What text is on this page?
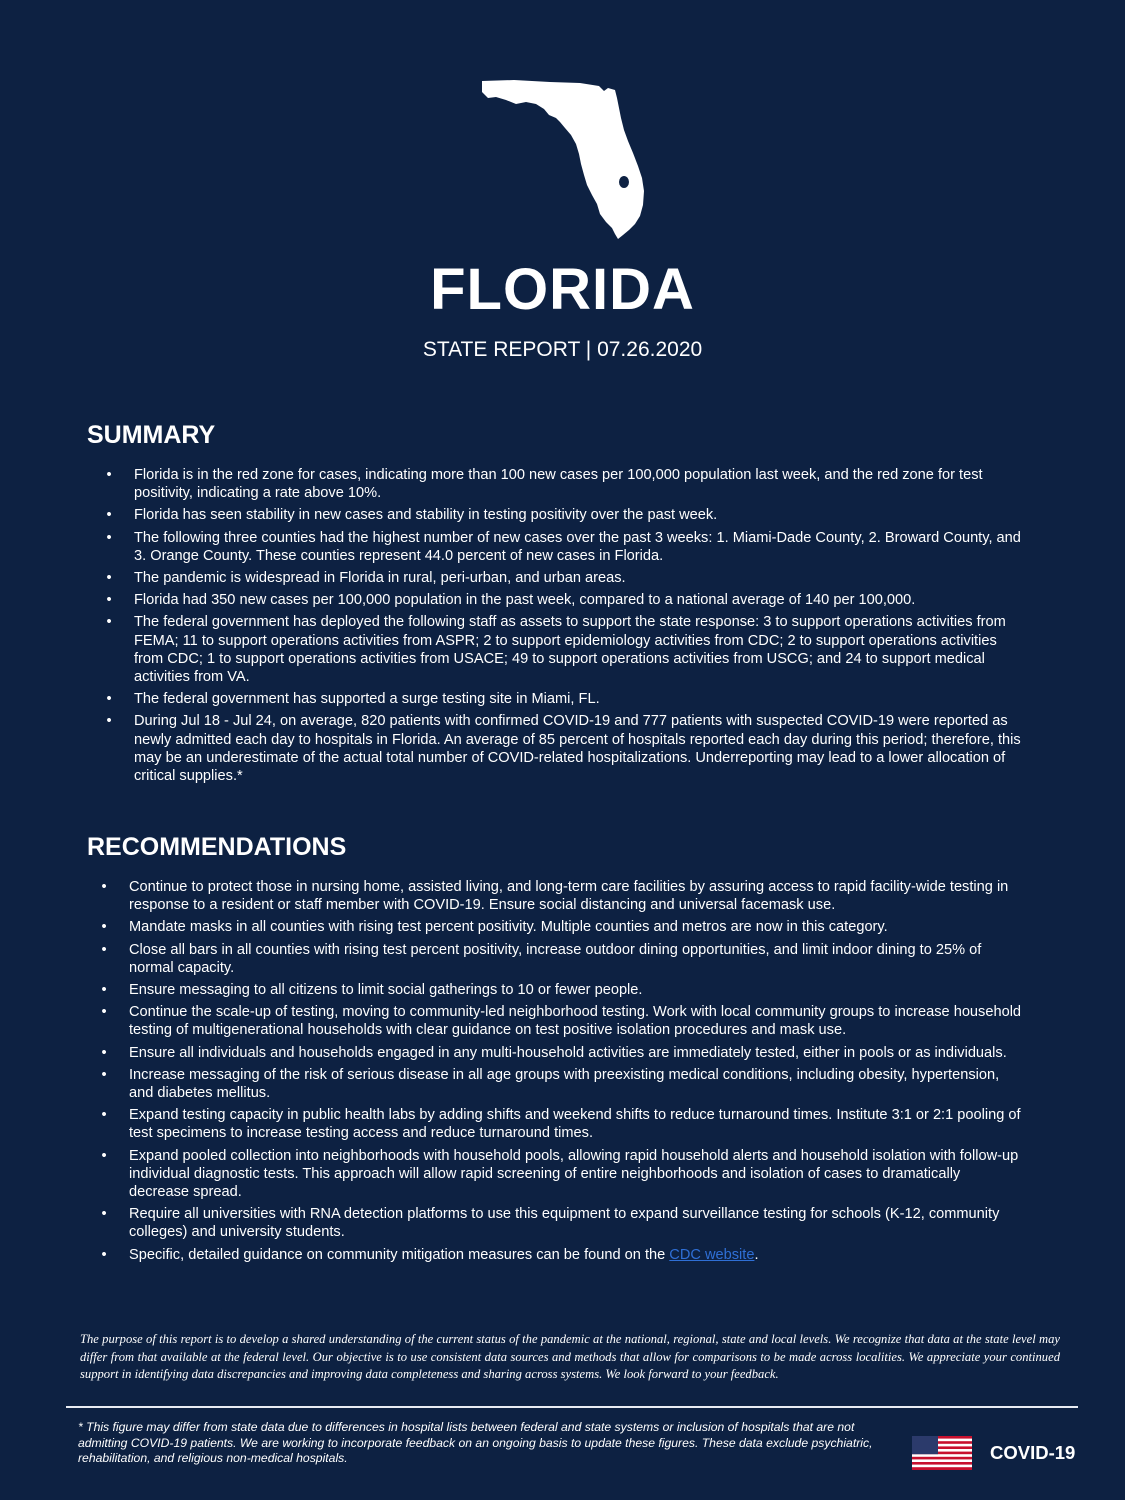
FLORIDA

STATE REPORT | 07.26.2020

SUMMARY
• Florida is in the red zone for cases, indicating more than 100 new cases per 100,000 population last week, and the red zone for test positivity, indicating a rate above 10%.
• Florida has seen stability in new cases and stability in testing positivity over the past week.
• The following three counties had the highest number of new cases over the past 3 weeks: 1. Miami-Dade County, 2. Broward County, and 3. Orange County. These counties represent 44.0 percent of new cases in Florida.
• The pandemic is widespread in Florida in rural, peri-urban, and urban areas.
• Florida had 350 new cases per 100,000 population in the past week, compared to a national average of 140 per 100,000.
• The federal government has deployed the following staff as assets to support the state response: 3 to support operations activities from FEMA; 11 to support operations activities from ASPR; 2 to support epidemiology activities from CDC; 2 to support operations activities from CDC; 1 to support operations activities from USACE; 49 to support operations activities from USCG; and 24 to support medical activities from VA.
• The federal government has supported a surge testing site in Miami, FL.
• During Jul 18 - Jul 24, on average, 820 patients with confirmed COVID-19 and 777 patients with suspected COVID-19 were reported as newly admitted each day to hospitals in Florida. An average of 85 percent of hospitals reported each day during this period; therefore, this may be an underestimate of the actual total number of COVID-related hospitalizations. Underreporting may lead to a lower allocation of critical supplies.*
RECOMMENDATIONS
• Continue to protect those in nursing home, assisted living, and long-term care facilities by assuring access to rapid facility-wide testing in response to a resident or staff member with COVID-19. Ensure social distancing and universal facemask use.
• Mandate masks in all counties with rising test percent positivity. Multiple counties and metros are now in this category.
• Close all bars in all counties with rising test percent positivity, increase outdoor dining opportunities, and limit indoor dining to 25% of normal capacity.
• Ensure messaging to all citizens to limit social gatherings to 10 or fewer people.
• Continue the scale-up of testing, moving to community-led neighborhood testing. Work with local community groups to increase household testing of multigenerational households with clear guidance on test positive isolation procedures and mask use.
• Ensure all individuals and households engaged in any multi-household activities are immediately tested, either in pools or as individuals.
• Increase messaging of the risk of serious disease in all age groups with preexisting medical conditions, including obesity, hypertension, and diabetes mellitus.
• Expand testing capacity in public health labs by adding shifts and weekend shifts to reduce turnaround times. Institute 3:1 or 2:1 pooling of test specimens to increase testing access and reduce turnaround times.
• Expand pooled collection into neighborhoods with household pools, allowing rapid household alerts and household isolation with follow-up individual diagnostic tests. This approach will allow rapid screening of entire neighborhoods and isolation of cases to dramatically decrease spread.
• Require all universities with RNA detection platforms to use this equipment to expand surveillance testing for schools (K-12, community colleges) and university students.
• Specific, detailed guidance on community mitigation measures can be found on the CDC website.

The purpose of this report is to develop a shared understanding of the current status of the pandemic at the national, regional, state and local levels. We recognize that data at the state level may differ from that available at the federal level. Our objective is to use consistent data sources and methods that allow for comparisons to be made across localities. We appreciate your continued support in identifying data discrepancies and improving data completeness and sharing across systems. We look forward to your feedback.

* This figure may differ from state data due to differences in hospital lists between federal and state systems or inclusion of hospitals that are not admitting COVID-19 patients. We are working to incorporate feedback on an ongoing basis to update these figures. These data exclude psychiatric, rehabilitation, and religious non-medical hospitals.	COVID-19
